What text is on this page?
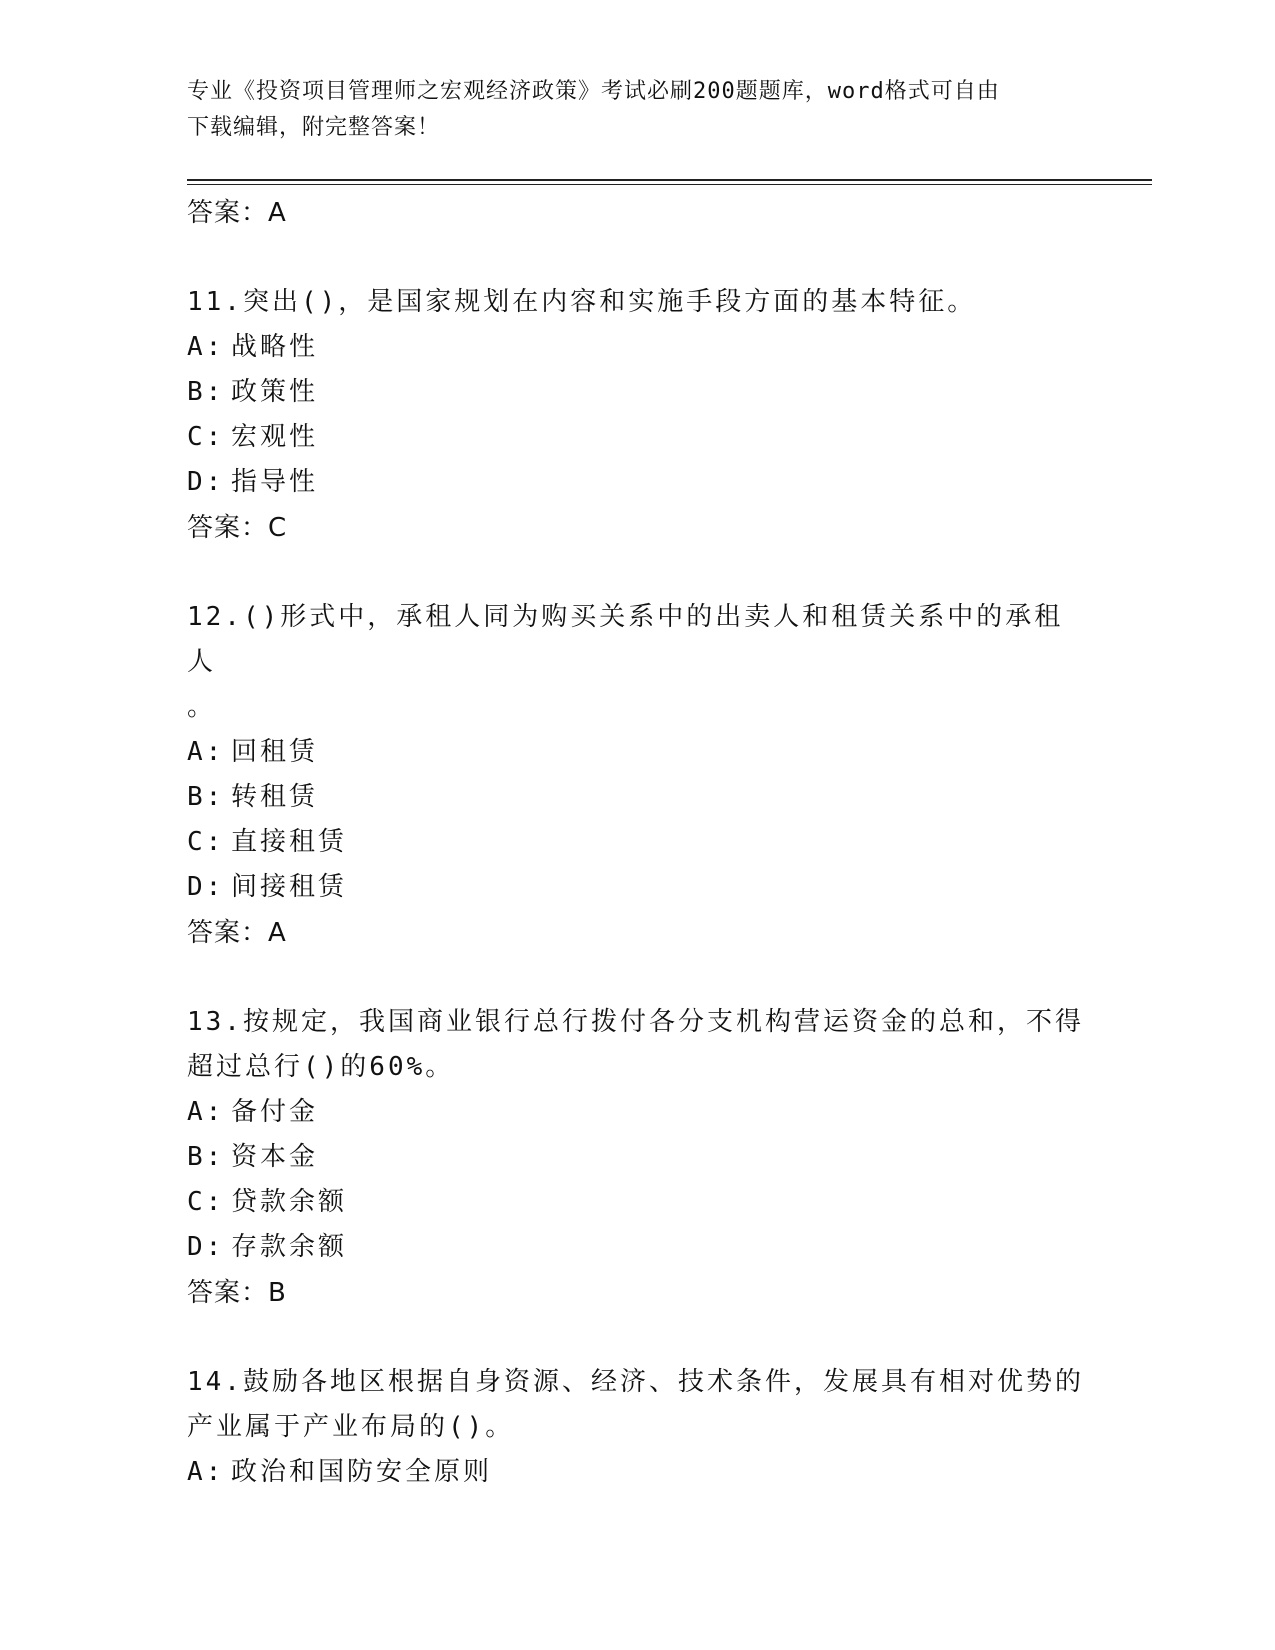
专业《投资项目管理师之宏观经济政策》考试必刷200题题库，word格式可自由
下载编辑，附完整答案！
答案：A
11.突出()，是国家规划在内容和实施手段方面的基本特征。
A: 战略性
B: 政策性
C: 宏观性
D: 指导性
答案：C
12.()形式中，承租人同为购买关系中的出卖人和租赁关系中的承租人
。
A: 回租赁
B: 转租赁
C: 直接租赁
D: 间接租赁
答案：A
13.按规定，我国商业银行总行拨付各分支机构营运资金的总和，不得
超过总行()的60%。
A: 备付金
B: 资本金
C: 贷款余额
D: 存款余额
答案：B
14.鼓励各地区根据自身资源、经济、技术条件，发展具有相对优势的
产业属于产业布局的()。
A: 政治和国防安全原则
